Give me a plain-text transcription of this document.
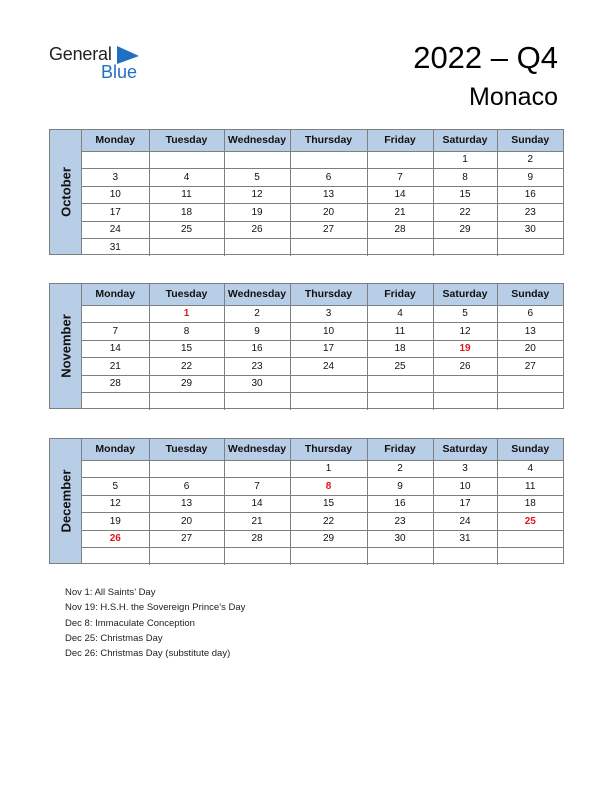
General
Blue	2022 – Q4
Monaco
October
Monday	Tuesday	Wednesday	Thursday	Friday	Saturday	Sunday
					1	2
3	4	5	6	7	8	9
10	11	12	13	14	15	16
17	18	19	20	21	22	23
24	25	26	27	28	29	30
31						
November
Monday	Tuesday	Wednesday	Thursday	Friday	Saturday	Sunday
	1	2	3	4	5	6
7	8	9	10	11	12	13
14	15	16	17	18	19	20
21	22	23	24	25	26	27
28	29	30				

December
Monday	Tuesday	Wednesday	Thursday	Friday	Saturday	Sunday
			1	2	3	4
5	6	7	8	9	10	11
12	13	14	15	16	17	18
19	20	21	22	23	24	25
26	27	28	29	30	31	

Nov 1: All Saints’ Day
Nov 19: H.S.H. the Sovereign Prince’s Day
Dec 8: Immaculate Conception
Dec 25: Christmas Day
Dec 26: Christmas Day (substitute day)
